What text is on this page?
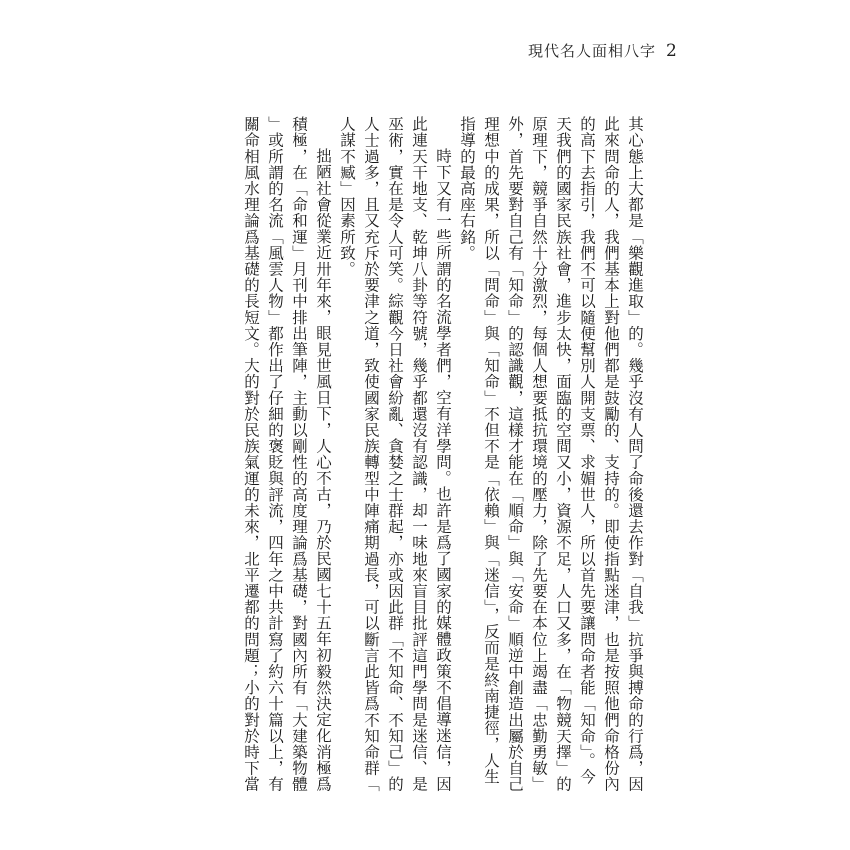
現代名人面相八字 2
其心態上大都是「樂觀進取」的。幾乎沒有人問了命後還去作對「自我」抗爭與搏命的行爲，因
此來問命的人，我們基本上對他們都是鼓勵的、支持的。即使指點迷津，也是按照他們命格份內
的高下去指引，我們不可以隨便幫別人開支票、求媚世人，所以首先要讓問命者能「知命」。今
天我們的國家民族社會，進步太快，面臨的空間又小，資源不足，人口又多，在「物競天擇」的
原理下，競爭自然十分激烈，每個人想要抵抗環境的壓力，除了先要在本位上竭盡「忠勤勇敏」
外，首先要對自己有「知命」的認識觀，這樣才能在「順命」與「安命」順逆中創造出屬於自己
理想中的成果，所以「問命」與「知命」不但不是「依賴」與「迷信」，反而是終南捷徑，人生
指導的最高座右銘。
時下又有一些所謂的名流學者們，空有洋學問。也許是爲了國家的媒體政策不倡導迷信，因
此連天干地支、乾坤八卦等符號，幾乎都還沒有認識，却一味地來盲目批評這門學問是迷信、是
巫術，實在是令人可笑。綜觀今日社會紛亂、貪婪之士群起，亦或因此群「不知命、不知己」的
人士過多，且又充斥於要津之道，致使國家民族轉型中陣痛期過長，可以斷言此皆爲不知命群「
人謀不臧」因素所致。
拙陋社會從業近卅年來，眼見世風日下，人心不古，乃於民國七十五年初毅然決定化消極爲
積極，在「命和運」月刊中排出筆陣，主動以剛性的高度理論爲基礎，對國內所有「大建築物體
」或所謂的名流「風雲人物」都作出了仔細的褒貶與評流，四年之中共計寫了約六十篇以上，有
關命相風水理論爲基礎的長短文。大的對於民族氣運的未來，北平遷都的問題；小的對於時下當
